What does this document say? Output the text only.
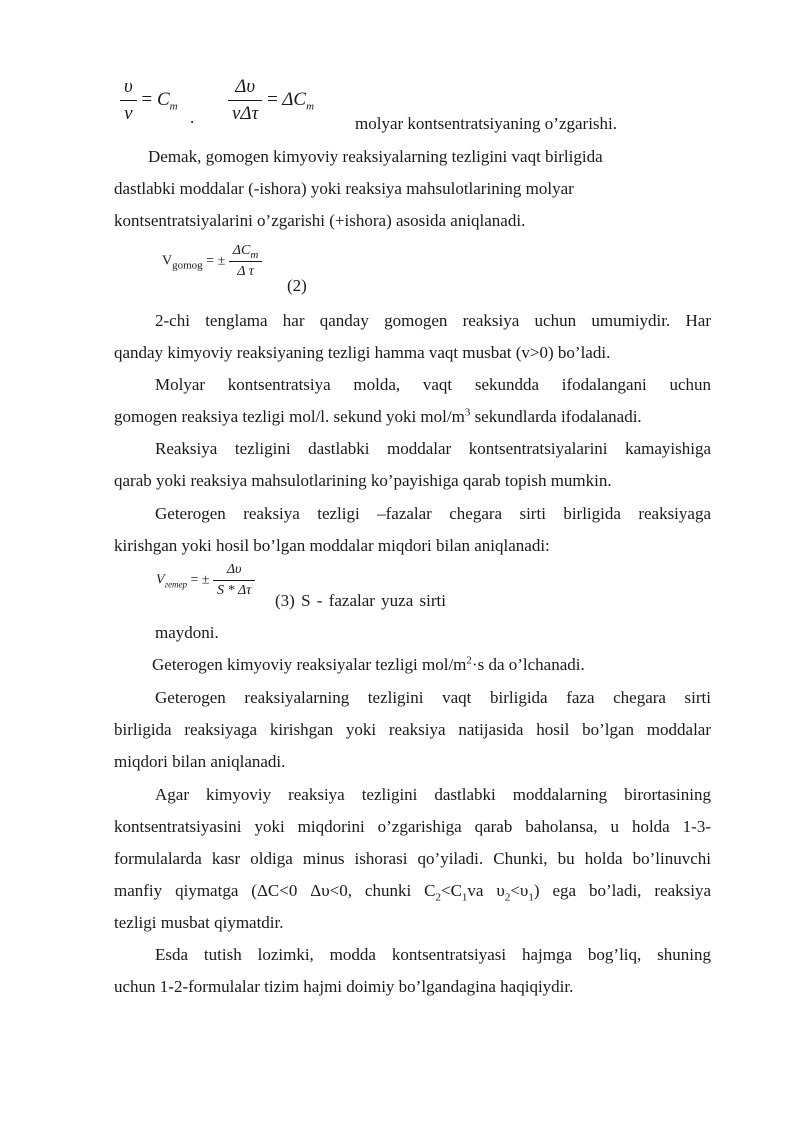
$\frac{\upsilon}{v} = C_m$
. $\frac{\Delta\upsilon}{\text{vΔτ}} = \Delta C_m$
molyar kontsentratsiyaning o’zgarishi.
Demak, gomogen kimyoviy reaksiyalarning tezligini vaqt birligida
dastlabki moddalar (-ishora) yoki reaksiya mahsulotlarining molyar
kontsentratsiyalarini o’zgarishi (+ishora) asosida aniqlanadi.
$V_{gomog}$ = ± $\frac{\Delta C_m}{\text{Δ τ}}$
(2)
2-chi tenglama har qanday gomogen reaksiya uchun umumiydir. Har
qanday kimyoviy reaksiyaning tezligi hamma vaqt musbat (v>0) bo’ladi.
Molyar kontsentratsiya molda, vaqt sekundda ifodalangani uchun
gomogen reaksiya tezligi mol/l. sekund yoki mol/$m^3$ sekundlarda ifodalanadi.
Reaksiya tezligini dastlabki moddalar kontsentratsiyalarini kamayishiga
qarab yoki reaksiya mahsulotlarining ko’payishiga qarab topish mumkin.
Geterogen reaksiya tezligi –fazalar chegara sirti birligida reaksiyaga
kirishgan yoki hosil bo’lgan moddalar miqdori bilan aniqlanadi:
$V_{гетер}$ = ± $\frac{\Delta\upsilon}{S * \Delta\tau}$
(3) S - fazalar yuza sirti
maydoni.
Geterogen kimyoviy reaksiyalar tezligi mol/$m^2\cdot s$ da o’lchanadi.
Geterogen reaksiyalarning tezligini vaqt birligida faza chegara sirti
birligida reaksiyaga kirishgan yoki reaksiya natijasida hosil bo’lgan moddalar
miqdori bilan aniqlanadi.
Agar kimyoviy reaksiya tezligini dastlabki moddalarning birortasining
kontsentratsiyasini yoki miqdorini o’zgarishiga qarab baholansa, u holda 1-3-
formulalarda kasr oldiga minus ishorasi qo’yiladi. Chunki, bu holda bo’linuvchi
manfiy qiymatga (ΔC<0 Δυ<0, chunki $C_2<C_1va$ $\upsilon_2<\upsilon_1$) ega bo’ladi, reaksiya
tezligi musbat qiymatdir.
Esda tutish lozimki, modda kontsentratsiyasi hajmga bog’liq, shuning
uchun 1-2-formulalar tizim hajmi doimiy bo’lgandagina haqiqiydir.
